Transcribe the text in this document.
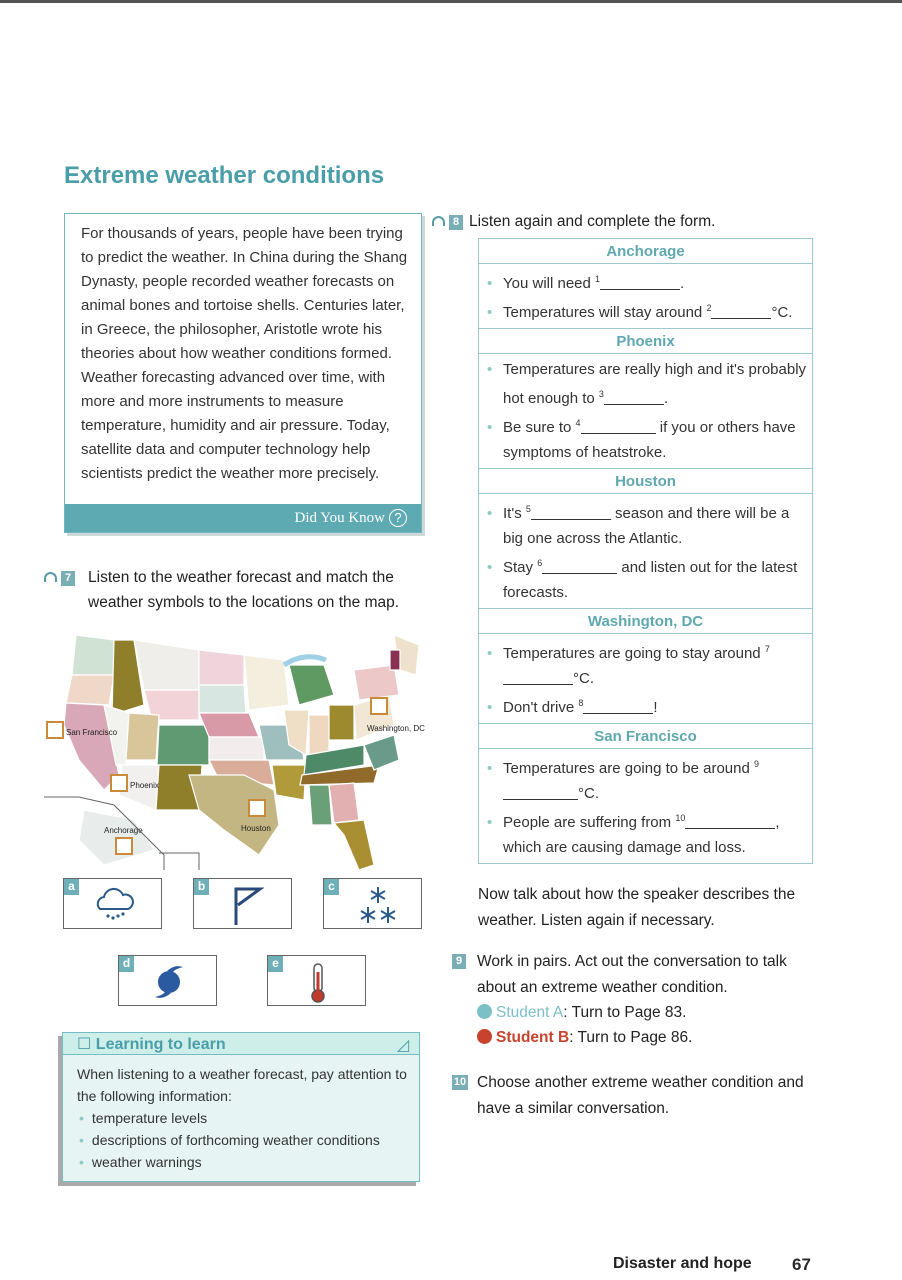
Extreme weather conditions

For thousands of years, people have been trying to predict the weather. In China during the Shang Dynasty, people recorded weather forecasts on animal bones and tortoise shells. Centuries later, in Greece, the philosopher, Aristotle wrote his theories about how weather conditions formed. Weather forecasting advanced over time, with more and more instruments to measure temperature, humidity and air pressure. Today, satellite data and computer technology help scientists predict the weather more precisely.

Did You Know ?
7	Listen to the weather forecast and match the weather symbols to the locations on the map.
San Francisco
Phoenix
Anchorage	Houston
Washington, DC
a	b	c
d	e
☐ Learning to learn	◿
When listening to a weather forecast, pay attention to the following information:
• temperature levels
• descriptions of forthcoming weather conditions
• weather warnings
8 Listen again and complete the form.
Anchorage
• You will need $^1$	.
• Temperatures will stay around $^2$	°C.
Phoenix
• Temperatures are really high and it's probably hot enough to $^3$	.
• Be sure to $^4$	if you or others have symptoms of heatstroke.
Houston
• It's $^5$	season and there will be a big one across the Atlantic.
• Stay $^6$	and listen out for the latest forecasts.
Washington, DC
• Temperatures are going to stay around $^7$°C.
• Don't drive $^8$	!
San Francisco
• Temperatures are going to be around $^9$°C.
• People are suffering from $^{10}$	, which are causing damage and loss.
Now talk about how the speaker describes the weather. Listen again if necessary.
9 Work in pairs. Act out the conversation to talk about an extreme weather condition.
Student A: Turn to Page 83.
Student B: Turn to Page 86.
10 Choose another extreme weather condition and have a similar conversation.
Disaster and hope 67
